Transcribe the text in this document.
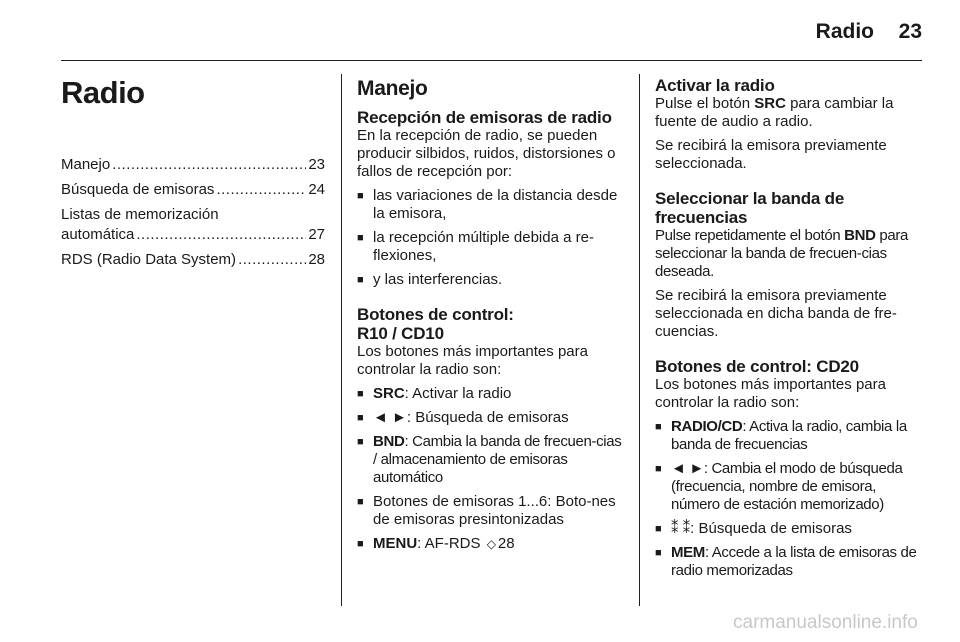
Radio	23
Radio
Manejo .....	23
Búsqueda de emisoras .....	24
Listas de memorización
automática .....	27
RDS (Radio Data System) .....	28
Manejo
Recepción de emisoras de radio

En la recepción de radio, se pueden producir silbidos, ruidos, distorsiones o fallos de recepción por:

■ las variaciones de la distancia desde la emisora,
■ la recepción múltiple debida a re-flexiones,
■ y las interferencias.
Botones de control:
R10 / CD10

Los botones más importantes para controlar la radio son:

■ SRC: Activar la radio
■ ◄ ►: Búsqueda de emisoras
■ BND: Cambia la banda de frecuen-cias / almacenamiento de emisoras automático
■ Botones de emisoras 1...6: Boto-nes de emisoras presintonizadas
■ MENU: AF-RDS ◇ 28
Activar la radio

Pulse el botón SRC para cambiar la fuente de audio a radio.

Se recibirá la emisora previamente seleccionada.

Seleccionar la banda de frecuencias

Pulse repetidamente el botón BND para seleccionar la banda de frecuen-cias deseada.

Se recibirá la emisora previamente seleccionada en dicha banda de fre-cuencias.

Botones de control: CD20

Los botones más importantes para controlar la radio son:

■ RADIO/CD: Activa la radio, cambia la banda de frecuencias
■ ◄ ►: Cambia el modo de búsqueda (frecuencia, nombre de emisora, número de estación memorizado)
■ ⁑ ⁑: Búsqueda de emisoras
■ MEM: Accede a la lista de emisoras de radio memorizadas
carmanualsonline.info
